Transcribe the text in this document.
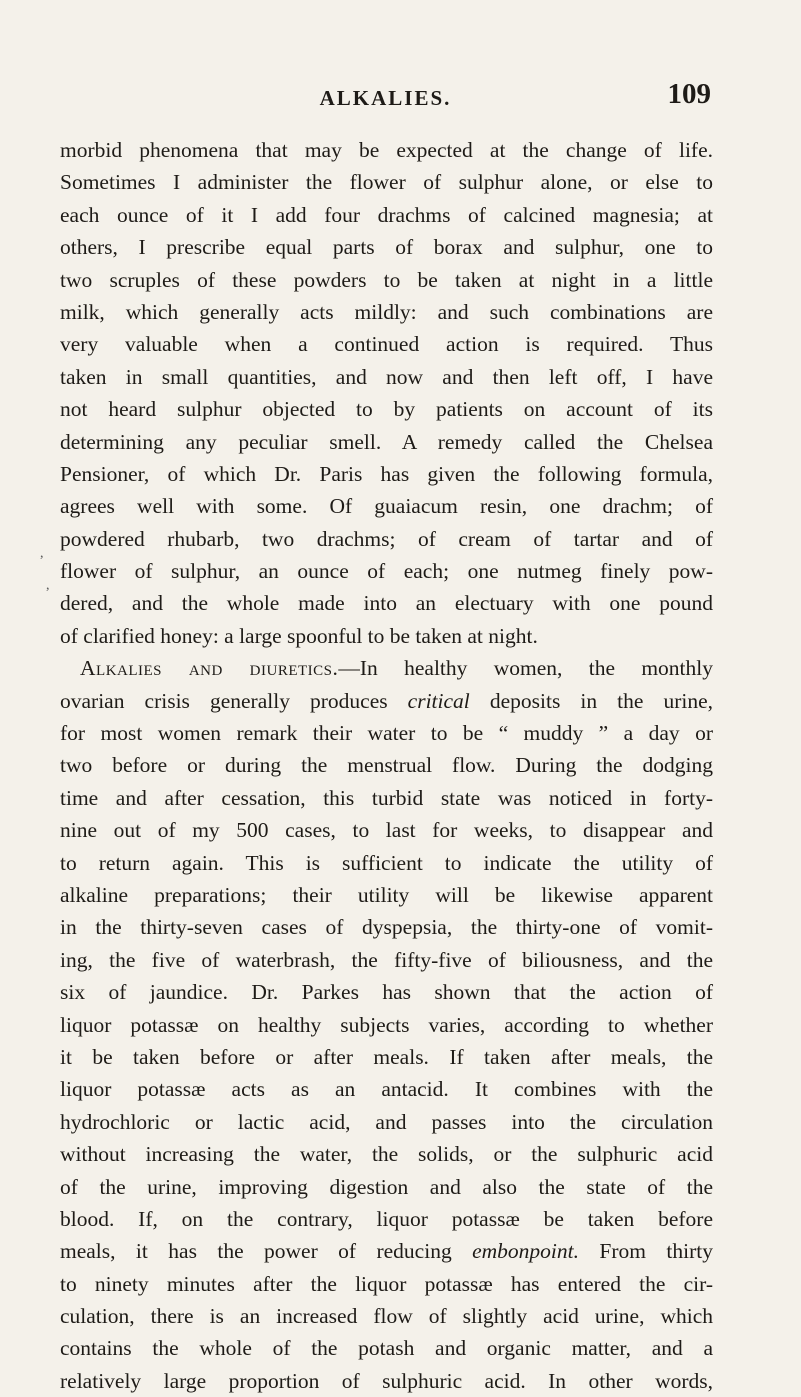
ALKALIES.	109
,
,
morbid phenomena that may be expected at the change of life.
Sometimes I administer the flower of sulphur alone, or else to
each ounce of it I add four drachms of calcined magnesia; at
others, I prescribe equal parts of borax and sulphur, one to
two scruples of these powders to be taken at night in a little
milk, which generally acts mildly: and such combinations are
very valuable when a continued action is required. Thus
taken in small quantities, and now and then left off, I have
not heard sulphur objected to by patients on account of its
determining any peculiar smell. A remedy called the Chelsea
Pensioner, of which Dr. Paris has given the following formula,
agrees well with some. Of guaiacum resin, one drachm; of
powdered rhubarb, two drachms; of cream of tartar and of
flower of sulphur, an ounce of each; one nutmeg finely pow-
dered, and the whole made into an electuary with one pound
of clarified honey: a large spoonful to be taken at night.
Alkalies and diuretics.—In healthy women, the monthly
ovarian crisis generally produces critical deposits in the urine,
for most women remark their water to be “ muddy ” a day or
two before or during the menstrual flow. During the dodging
time and after cessation, this turbid state was noticed in forty-
nine out of my 500 cases, to last for weeks, to disappear and
to return again. This is sufficient to indicate the utility of
alkaline preparations; their utility will be likewise apparent
in the thirty-seven cases of dyspepsia, the thirty-one of vomit-
ing, the five of waterbrash, the fifty-five of biliousness, and the
six of jaundice. Dr. Parkes has shown that the action of
liquor potassæ on healthy subjects varies, according to whether
it be taken before or after meals. If taken after meals, the
liquor potassæ acts as an antacid. It combines with the
hydrochloric or lactic acid, and passes into the circulation
without increasing the water, the solids, or the sulphuric acid
of the urine, improving digestion and also the state of the
blood. If, on the contrary, liquor potassæ be taken before
meals, it has the power of reducing embonpoint. From thirty
to ninety minutes after the liquor potassæ has entered the cir-
culation, there is an increased flow of slightly acid urine, which
contains the whole of the potash and organic matter, and a
relatively large proportion of sulphuric acid. In other words,
